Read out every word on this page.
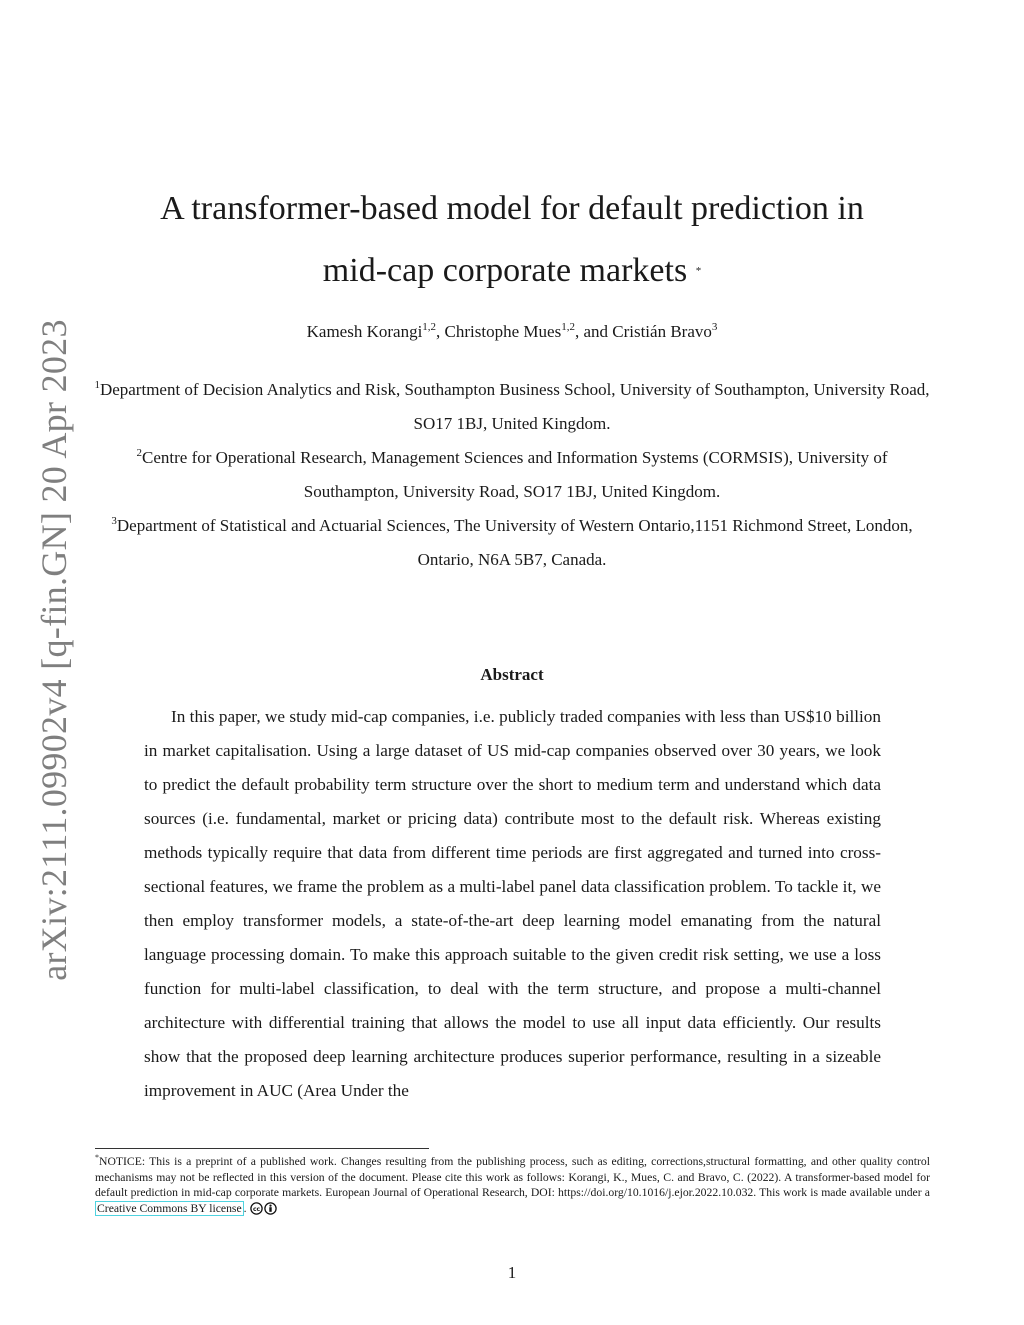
arXiv:2111.09902v4 [q-fin.GN] 20 Apr 2023
A transformer-based model for default prediction in
mid-cap corporate markets *
Kamesh Korangi$^{1,2}$, Christophe Mues$^{1,2}$, and Cristián Bravo$^3$

$^1$Department of Decision Analytics and Risk, Southampton Business School, University of Southampton, University Road, SO17 1BJ, United Kingdom.

$^2$Centre for Operational Research, Management Sciences and Information Systems (CORMSIS), University of Southampton, University Road, SO17 1BJ, United Kingdom.

$^3$Department of Statistical and Actuarial Sciences, The University of Western Ontario,1151 Richmond Street, London, Ontario, N6A 5B7, Canada.

Abstract

In this paper, we study mid-cap companies, i.e. publicly traded companies with less than US$10 billion in market capitalisation. Using a large dataset of US mid-cap companies observed over 30 years, we look to predict the default probability term structure over the short to medium term and understand which data sources (i.e. fundamental, market or pricing data) contribute most to the default risk. Whereas existing methods typically require that data from different time periods are first aggregated and turned into cross-sectional features, we frame the problem as a multi-label panel data classification problem. To tackle it, we then employ transformer models, a state-of-the-art deep learning model emanating from the natural language processing domain. To make this approach suitable to the given credit risk setting, we use a loss function for multi-label classification, to deal with the term structure, and propose a multi-channel architecture with differential training that allows the model to use all input data efficiently. Our results show that the proposed deep learning architecture produces superior performance, resulting in a sizeable improvement in AUC (Area Under the

*NOTICE: This is a preprint of a published work. Changes resulting from the publishing process, such as editing, corrections,structural formatting, and other quality control mechanisms may not be reflected in this version of the document. Please cite this work as follows: Korangi, K., Mues, C. and Bravo, C. (2022). A transformer-based model for default prediction in mid-cap corporate markets. European Journal of Operational Research, DOI: https://doi.org/10.1016/j.ejor.2022.10.032. This work is made available under a Creative Commons BY license . cc

1
